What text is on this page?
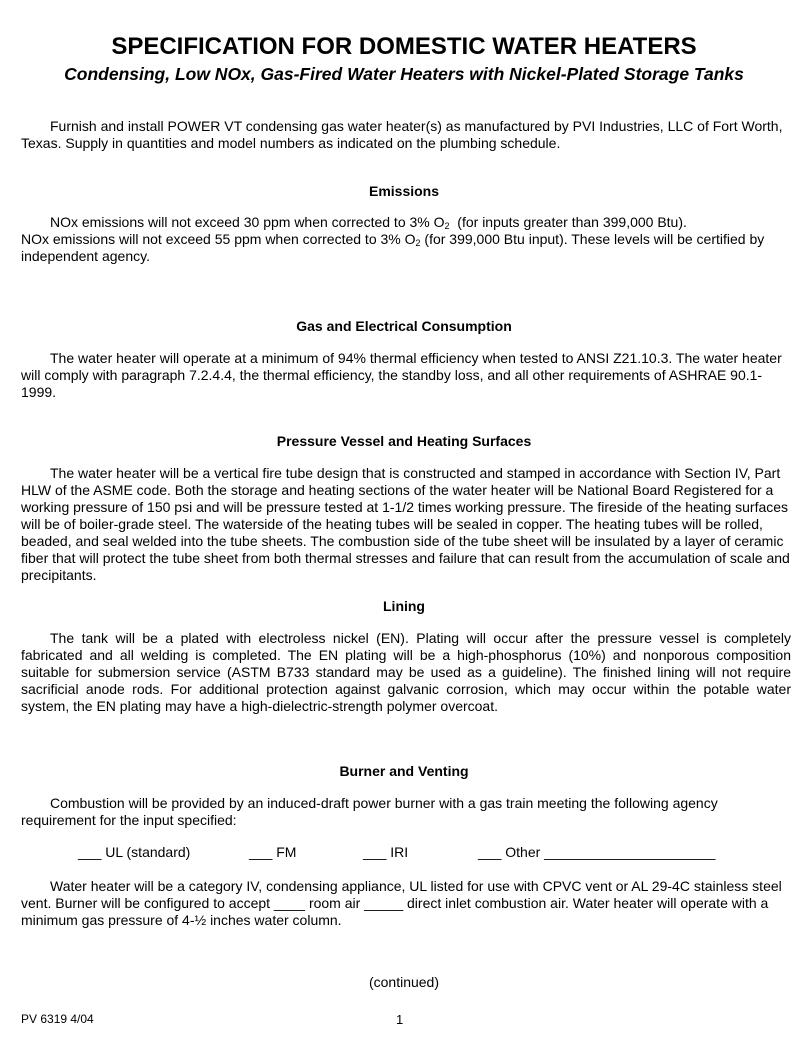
SPECIFICATION FOR DOMESTIC WATER HEATERS
Condensing, Low NOx, Gas-Fired Water Heaters with Nickel-Plated Storage Tanks
Furnish and install POWER VT condensing gas water heater(s) as manufactured by PVI Industries, LLC of Fort Worth, Texas. Supply in quantities and model numbers as indicated on the plumbing schedule.
Emissions
NOx emissions will not exceed 30 ppm when corrected to 3% $O_2$  (for inputs greater than 399,000 Btu).
NOx emissions will not exceed 55 ppm when corrected to 3% $O_2$ (for 399,000 Btu input). These levels will be certified by independent agency.
Gas and Electrical Consumption
The water heater will operate at a minimum of 94% thermal efficiency when tested to ANSI Z21.10.3. The water heater will comply with paragraph 7.2.4.4, the thermal efficiency, the standby loss, and all other requirements of ASHRAE 90.1-1999.
Pressure Vessel and Heating Surfaces
The water heater will be a vertical fire tube design that is constructed and stamped in accordance with Section IV, Part HLW of the ASME code. Both the storage and heating sections of the water heater will be National Board Registered for a working pressure of 150 psi and will be pressure tested at 1-1/2 times working pressure. The fireside of the heating surfaces will be of boiler-grade steel. The waterside of the heating tubes will be sealed in copper. The heating tubes will be rolled, beaded, and seal welded into the tube sheets. The combustion side of the tube sheet will be insulated by a layer of ceramic fiber that will protect the tube sheet from both thermal stresses and failure that can result from the accumulation of scale and precipitants.
Lining
The tank will be a plated with electroless nickel (EN). Plating will occur after the pressure vessel is completely fabricated and all welding is completed. The EN plating will be a high-phosphorus (10%) and nonporous composition suitable for submersion service (ASTM B733 standard may be used as a guideline). The finished lining will not require sacrificial anode rods. For additional protection against galvanic corrosion, which may occur within the potable water system, the EN plating may have a high-dielectric-strength polymer overcoat.
Burner and Venting
Combustion will be provided by an induced-draft power burner with a gas train meeting the following agency requirement for the input specified:
___ UL (standard)	___ FM	___ IRI	___ Other ______________________
Water heater will be a category IV, condensing appliance, UL listed for use with CPVC vent or AL 29-4C stainless steel vent. Burner will be configured to accept ____ room air _____ direct inlet combustion air. Water heater will operate with a minimum gas pressure of 4-½ inches water column.
(continued)
PV 6319 4/04	1
